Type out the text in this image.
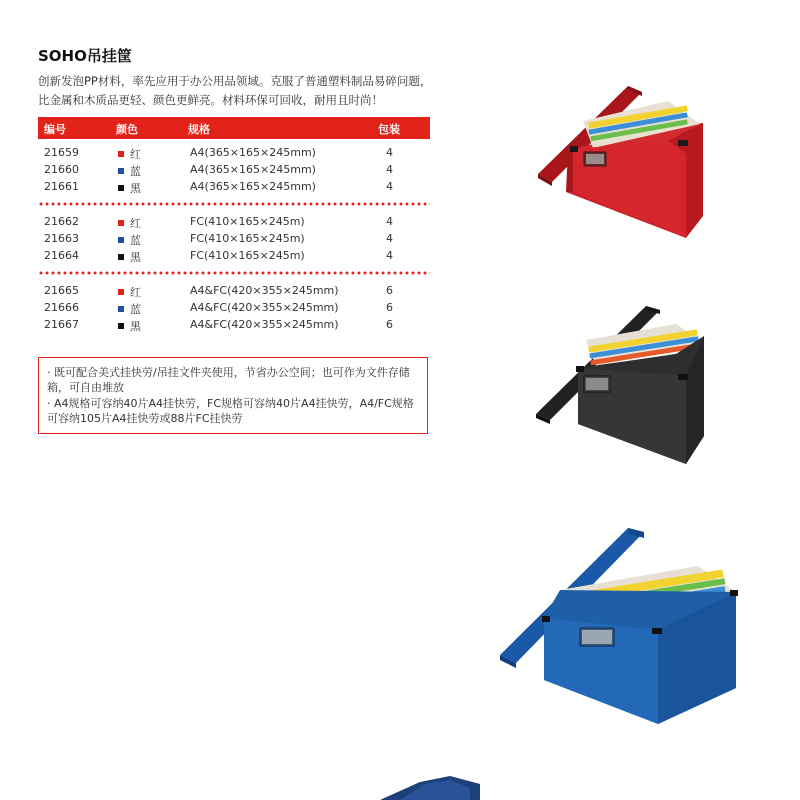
SOHO吊挂筐
创新发泡PP材料，率先应用于办公用品领域。克服了普通塑料制品易碎问题，比金属和木质品更轻、颜色更鲜亮。材料环保可回收，耐用且时尚！
编号	颜色	规格	包装
21659	红	A4(365×165×245mm)	4
21660	蓝	A4(365×165×245mm)	4
21661	黑	A4(365×165×245mm)	4
21662	红	FC(410×165×245m)	4
21663	蓝	FC(410×165×245m)	4
21664	黑	FC(410×165×245m)	4
21665	红	A4&FC(420×355×245mm)	6
21666	蓝	A4&FC(420×355×245mm)	6
21667	黑	A4&FC(420×355×245mm)	6

· 既可配合美式挂快劳/吊挂文件夹使用，节省办公空间；也可作为文件存储箱，可自由堆放

· A4规格可容纳40片A4挂快劳，FC规格可容纳40片A4挂快劳，A4/FC规格可容纳105片A4挂快劳或88片FC挂快劳
